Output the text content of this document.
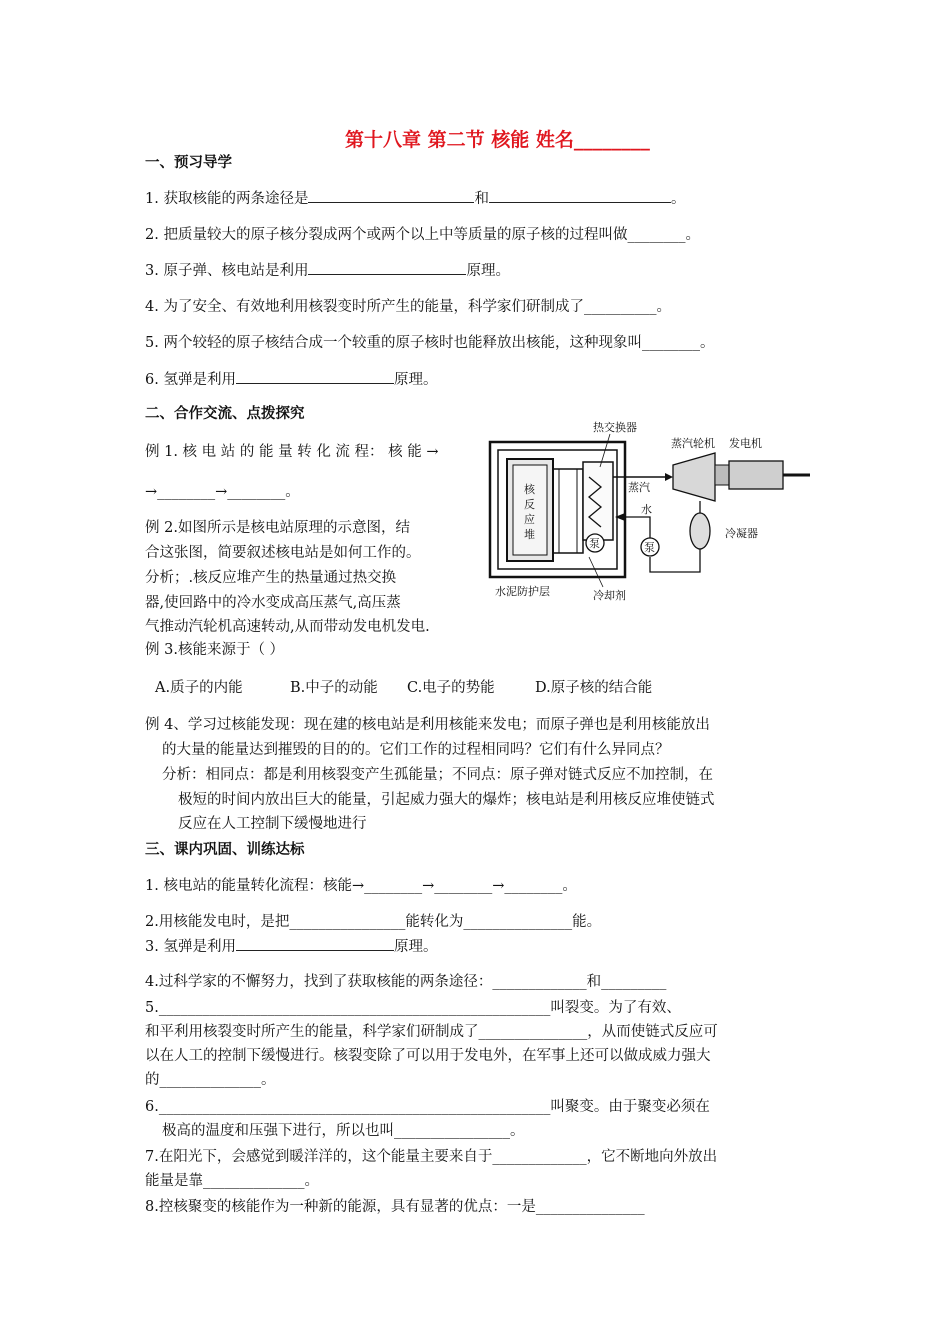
第十八章 第二节 核能 姓名________
一、预习导学
1. 获取核能的两条途径是	和	。
2. 把质量较大的原子核分裂成两个或两个以上中等质量的原子核的过程叫做________。
3. 原子弹、核电站是利用	原理。
4. 为了安全、有效地利用核裂变时所产生的能量，科学家们研制成了__________。
5. 两个较轻的原子核结合成一个较重的原子核时也能释放出核能，这种现象叫________。
6. 氢弹是利用	原理。
二、合作交流、点拨探究
例 1. 核 电 站 的 能 量 转 化 流 程： 核 能 →
→________→________。
例 2.如图所示是核电站原理的示意图，结
合这张图，简要叙述核电站是如何工作的。
分析；.核反应堆产生的热量通过热交换
器,使回路中的冷水变成高压蒸气,高压蒸
气推动汽轮机高速转动,从而带动发电机发电.
例 3.核能来源于（ ）
A.质子的内能	B.中子的动能 C.电子的势能	D.原子核的结合能
例 4、学习过核能发现：现在建的核电站是利用核能来发电；而原子弹也是利用核能放出
的大量的能量达到摧毁的目的的。它们工作的过程相同吗？它们有什么异同点？
分析：相同点：都是利用核裂变产生孤能量；不同点：原子弹对链式反应不加控制，在
极短的时间内放出巨大的能量，引起威力强大的爆炸；核电站是利用核反应堆使链式
反应在人工控制下缓慢地进行
核
反
应
堆
泵
蒸汽
蒸汽轮机 发电机
热交换器
冷凝器
泵
水
水泥防护层	冷却剂
三、课内巩固、训练达标
1. 核电站的能量转化流程：核能→________→________→________。
2.用核能发电时，是把________________能转化为_______________能。
3. 氢弹是利用	原理。
4.过科学家的不懈努力，找到了获取核能的两条途径：_____________和_________
5.______________________________________________________叫裂变。为了有效、
和平利用核裂变时所产生的能量，科学家们研制成了_______________，从而使链式反应可
以在人工的控制下缓慢进行。核裂变除了可以用于发电外，在军事上还可以做成威力强大
的______________。
6.______________________________________________________叫聚变。由于聚变必须在
极高的温度和压强下进行，所以也叫________________。
7.在阳光下，会感觉到暖洋洋的，这个能量主要来自于_____________，它不断地向外放出
能量是靠______________。
8.控核聚变的核能作为一种新的能源，具有显著的优点：一是_______________
